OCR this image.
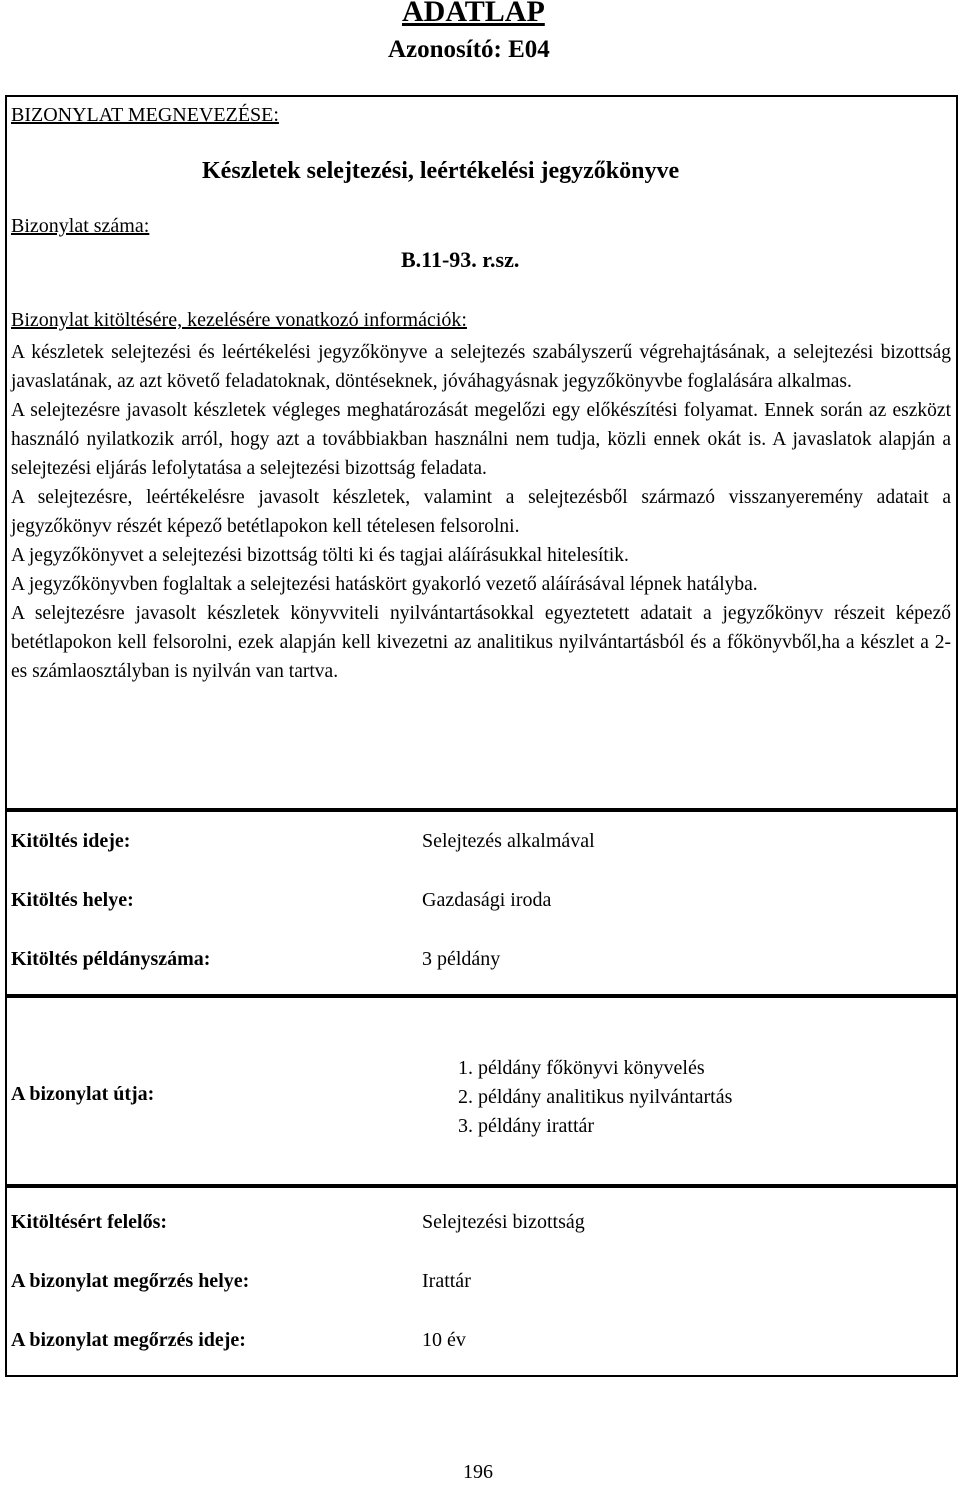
ADATLAP
Azonosító: E04
BIZONYLAT MEGNEVEZÉSE:
Készletek selejtezési, leértékelési jegyzőkönyve
Bizonylat száma:
B.11-93. r.sz.
Bizonylat kitöltésére, kezelésére vonatkozó információk:

A készletek selejtezési és leértékelési jegyzőkönyve a selejtezés szabályszerű végrehajtásának, a selejtezési bizottság javaslatának, az azt követő feladatoknak, döntéseknek, jóváhagyásnak jegyzőkönyvbe foglalására alkalmas.

A selejtezésre javasolt készletek végleges meghatározását megelőzi egy előkészítési folyamat. Ennek során az eszközt használó nyilatkozik arról, hogy azt a továbbiakban használni nem tudja, közli ennek okát is. A javaslatok alapján a selejtezési eljárás lefolytatása a selejtezési bizottság feladata.

A selejtezésre, leértékelésre javasolt készletek, valamint a selejtezésből származó visszanyeremény adatait a jegyzőkönyv részét képező betétlapokon kell tételesen felsorolni.

A jegyzőkönyvet a selejtezési bizottság tölti ki és tagjai aláírásukkal hitelesítik.

A jegyzőkönyvben foglaltak a selejtezési hatáskört gyakorló vezető aláírásával lépnek hatályba.

A selejtezésre javasolt készletek könyvviteli nyilvántartásokkal egyeztetett adatait a jegyzőkönyv részeit képező betétlapokon kell felsorolni, ezek alapján kell kivezetni az analitikus nyilvántartásból és a főkönyvből,ha a készlet a 2-es számlaosztályban is nyilván van tartva.

Kitöltés ideje:	Selejtezés alkalmával
Kitöltés helye:	Gazdasági iroda
Kitöltés példányszáma:	3 példány
A bizonylat útja:
1. példány főkönyvi könyvelés
2. példány analitikus nyilvántartás
3. példány irattár
Kitöltésért felelős:	Selejtezési bizottság
A bizonylat megőrzés helye:	Irattár
A bizonylat megőrzés ideje:	10 év
196
